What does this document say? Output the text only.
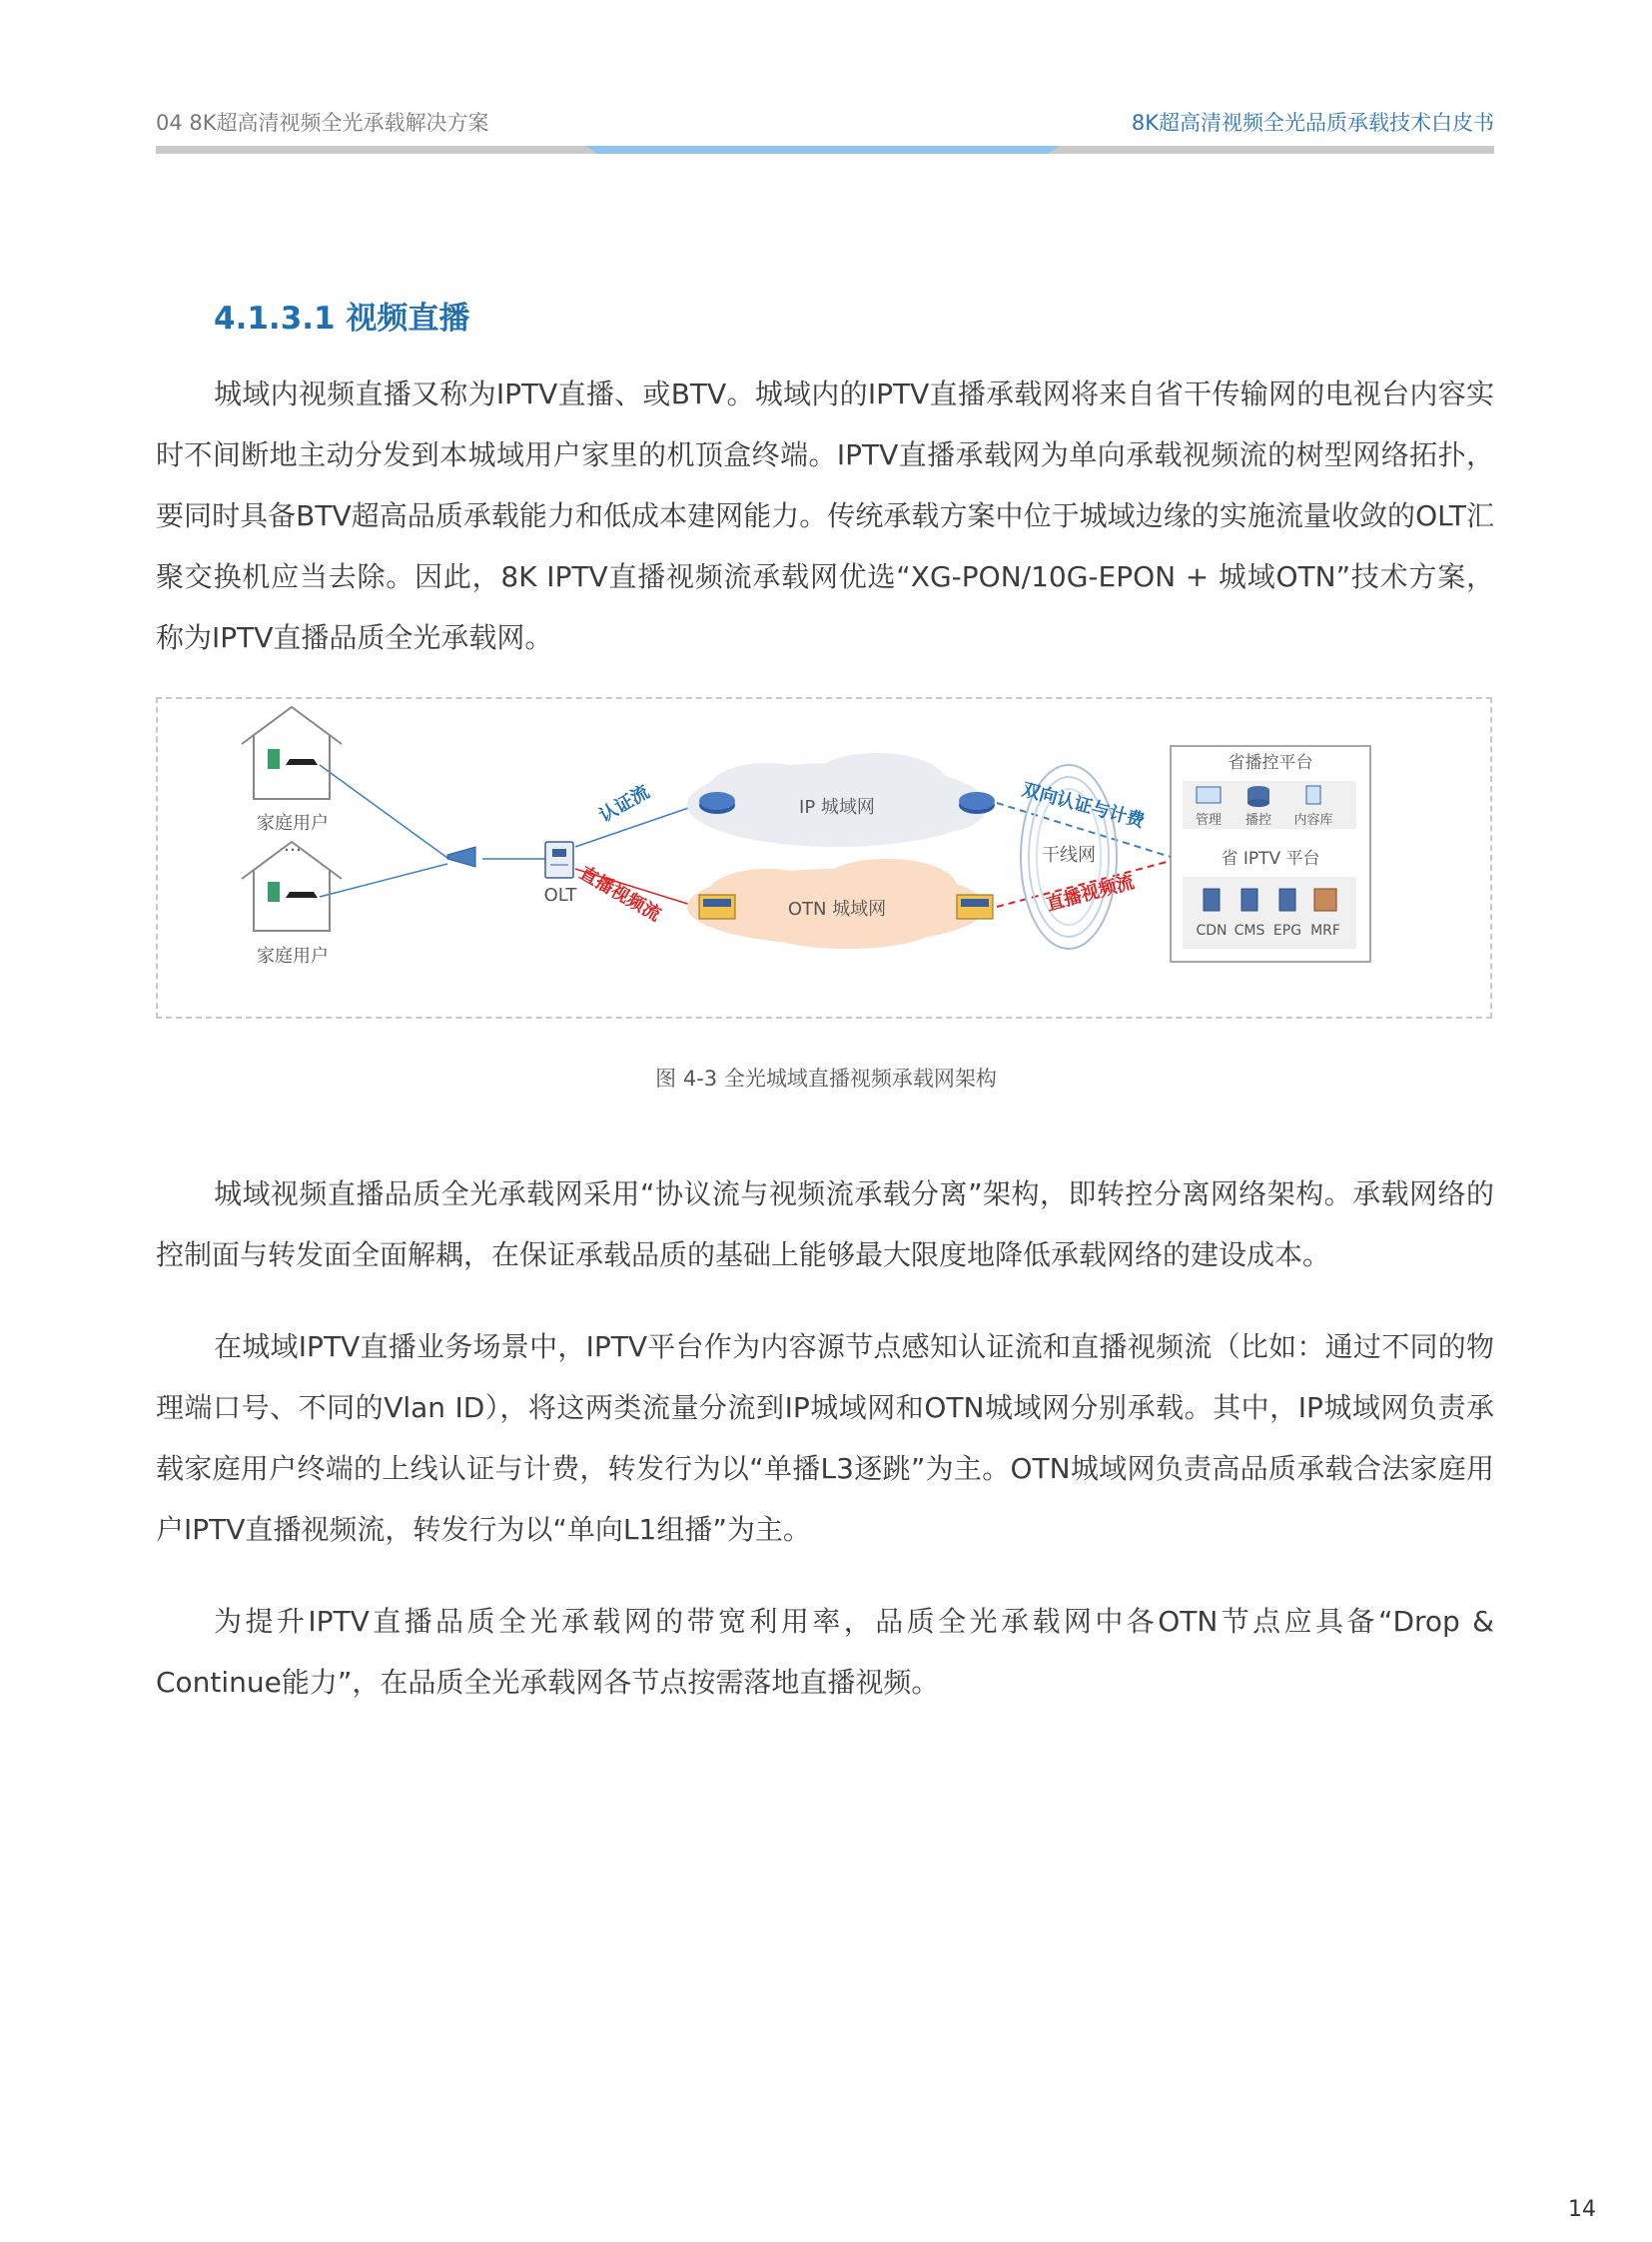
04 8K超高清视频全光承载解决方案	8K超高清视频全光品质承载技术白皮书
4.1.3.1 视频直播

城域内视频直播又称为IPTV直播、或BTV。城域内的IPTV直播承载网将来自省干传输网的电视台内容实时不间断地主动分发到本城域用户家里的机顶盒终端。IPTV直播承载网为单向承载视频流的树型网络拓扑，要同时具备BTV超高品质承载能力和低成本建网能力。传统承载方案中位于城域边缘的实施流量收敛的OLT汇聚交换机应当去除。因此，8K IPTV直播视频流承载网优选“XG-PON/10G-EPON + 城域OTN”技术方案，称为IPTV直播品质全光承载网。

家庭用户
…
家庭用户
OLT
认证流
直播视频流
IP 城域网
OTN 城域网
干线网
双向认证与计费
直播视频流
省播控平台
管理 播控 内容库
省 IPTV 平台
CDN CMS EPG MRF

图 4-3 全光城域直播视频承载网架构

城域视频直播品质全光承载网采用“协议流与视频流承载分离”架构，即转控分离网络架构。承载网络的控制面与转发面全面解耦，在保证承载品质的基础上能够最大限度地降低承载网络的建设成本。

在城域IPTV直播业务场景中，IPTV平台作为内容源节点感知认证流和直播视频流（比如：通过不同的物理端口号、不同的Vlan ID），将这两类流量分流到IP城域网和OTN城域网分别承载。其中，IP城域网负责承载家庭用户终端的上线认证与计费，转发行为以“单播L3逐跳”为主。OTN城域网负责高品质承载合法家庭用户IPTV直播视频流，转发行为以“单向L1组播”为主。

为提升IPTV直播品质全光承载网的带宽利用率，品质全光承载网中各OTN节点应具备“Drop & Continue能力”，在品质全光承载网各节点按需落地直播视频。

14
